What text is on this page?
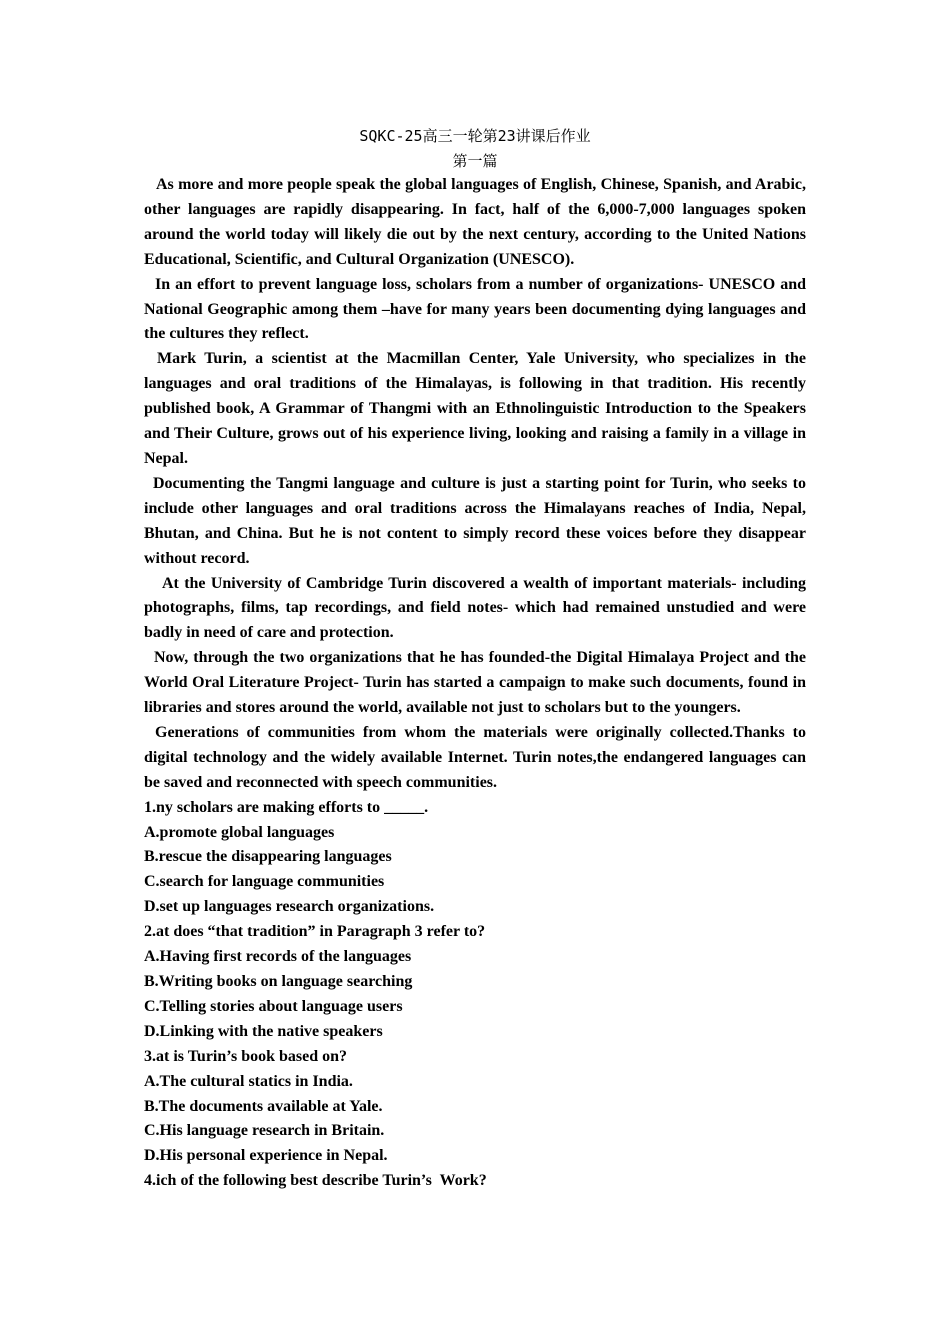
SQKC-25高三一轮第23讲课后作业
第一篇

As more and more people speak the global languages of English, Chinese, Spanish, and Arabic, other languages are rapidly disappearing. In fact, half of the 6,000-7,000 languages spoken around the world today will likely die out by the next century, according to the United Nations Educational, Scientific, and Cultural Organization (UNESCO).

In an effort to prevent language loss, scholars from a number of organizations- UNESCO and National Geographic among them –have for many years been documenting dying languages and the cultures they reflect.

Mark Turin, a scientist at the Macmillan Center, Yale University, who specializes in the languages and oral traditions of the Himalayas, is following in that tradition. His recently published book, A Grammar of Thangmi with an Ethnolinguistic Introduction to the Speakers and Their Culture, grows out of his experience living, looking and raising a family in a village in Nepal.

Documenting the Tangmi language and culture is just a starting point for Turin, who seeks to include other languages and oral traditions across the Himalayans reaches of India, Nepal, Bhutan, and China. But he is not content to simply record these voices before they disappear without record.

At the University of Cambridge Turin discovered a wealth of important materials- including photographs, films, tap recordings, and field notes- which had remained unstudied and were badly in need of care and protection.

Now, through the two organizations that he has founded-the Digital Himalaya Project and the World Oral Literature Project- Turin has started a campaign to make such documents, found in libraries and stores around the world, available not just to scholars but to the youngers.

Generations of communities from whom the materials were originally collected.Thanks to digital technology and the widely available Internet. Turin notes,the endangered languages can be saved and reconnected with speech communities.

1.ny scholars are making efforts to _____.
A.promote global languages
B.rescue the disappearing languages
C.search for language communities
D.set up languages research organizations.
2.at does “that tradition” in Paragraph 3 refer to?
A.Having first records of the languages
B.Writing books on language searching
C.Telling stories about language users
D.Linking with the native speakers
3.at is Turin’s book based on?
A.The cultural statics in India.
B.The documents available at Yale.
C.His language research in Britain.
D.His personal experience in Nepal.
4.ich of the following best describe Turin’s  Work?
